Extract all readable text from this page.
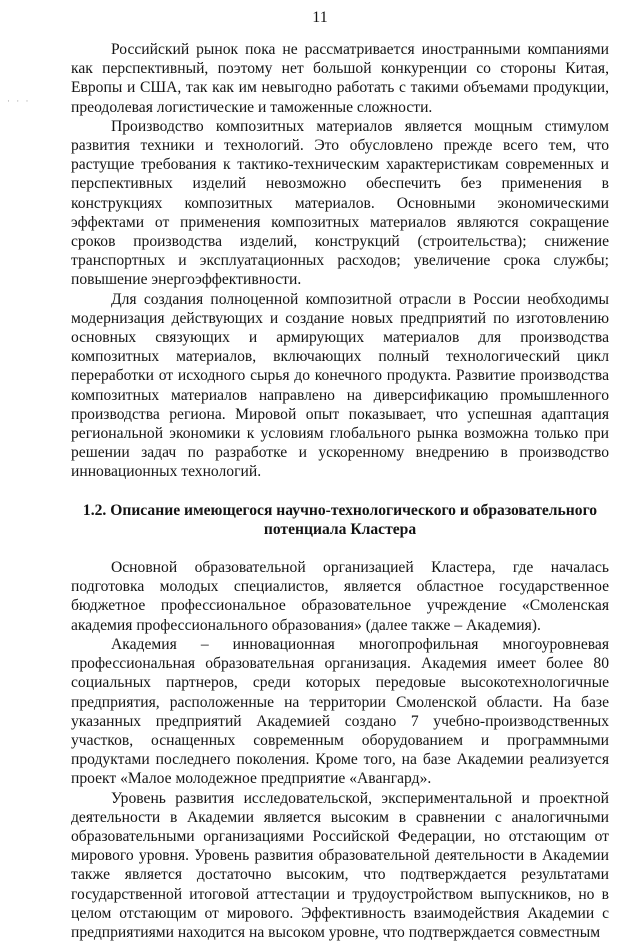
11
· · ·

Российский рынок пока не рассматривается иностранными компаниями как перспективный, поэтому нет большой конкуренции со стороны Китая, Европы и США, так как им невыгодно работать с такими объемами продукции, преодолевая логистические и таможенные сложности.

Производство композитных материалов является мощным стимулом развития техники и технологий. Это обусловлено прежде всего тем, что растущие требования к тактико-техническим характеристикам современных и перспективных изделий невозможно обеспечить без применения в конструкциях композитных материалов. Основными экономическими эффектами от применения композитных материалов являются сокращение сроков производства изделий, конструкций (строительства); снижение транспортных и эксплуатационных расходов; увеличение срока службы; повышение энергоэффективности.

Для создания полноценной композитной отрасли в России необходимы модернизация действующих и создание новых предприятий по изготовлению основных связующих и армирующих материалов для производства композитных материалов, включающих полный технологический цикл переработки от исходного сырья до конечного продукта. Развитие производства композитных материалов направлено на диверсификацию промышленного производства региона. Мировой опыт показывает, что успешная адаптация региональной экономики к условиям глобального рынка возможна только при решении задач по разработке и ускоренному внедрению в производство инновационных технологий.

1.2. Описание имеющегося научно-технологического и образовательного
потенциала Кластера

Основной образовательной организацией Кластера, где началась подготовка молодых специалистов, является областное государственное бюджетное профессиональное образовательное учреждение «Смоленская академия профессионального образования» (далее также – Академия).

Академия – инновационная многопрофильная многоуровневая профессиональная образовательная организация. Академия имеет более 80 социальных партнеров, среди которых передовые высокотехнологичные предприятия, расположенные на территории Смоленской области. На базе указанных предприятий Академией создано 7 учебно-производственных участков, оснащенных современным оборудованием и программными продуктами последнего поколения. Кроме того, на базе Академии реализуется проект «Малое молодежное предприятие «Авангард».

Уровень развития исследовательской, экспериментальной и проектной деятельности в Академии является высоким в сравнении с аналогичными образовательными организациями Российской Федерации, но отстающим от мирового уровня. Уровень развития образовательной деятельности в Академии также является достаточно высоким, что подтверждается результатами государственной итоговой аттестации и трудоустройством выпускников, но в целом отстающим от мирового. Эффективность взаимодействия Академии с предприятиями находится на высоком уровне, что подтверждается совместным
